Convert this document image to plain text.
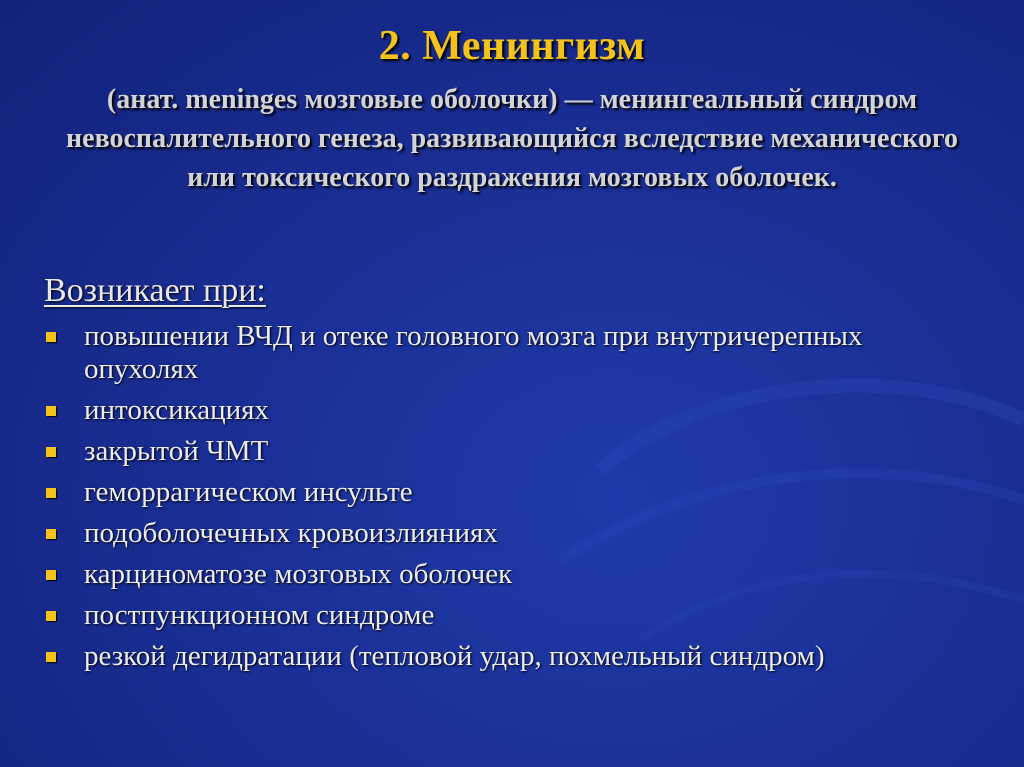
2. Менингизм
(анат. meninges мозговые оболочки) — менингеальный синдром невоспалительного генеза, развивающийся вследствие механического или токсического раздражения мозговых оболочек.
Возникает при:
повышении ВЧД и отеке головного мозга при внутричерепных опухолях
интоксикациях
закрытой ЧМТ
геморрагическом инсульте
подоболочечных кровоизлияниях
карциноматозе мозговых оболочек
постпункционном синдроме
резкой дегидратации (тепловой удар, похмельный синдром)
